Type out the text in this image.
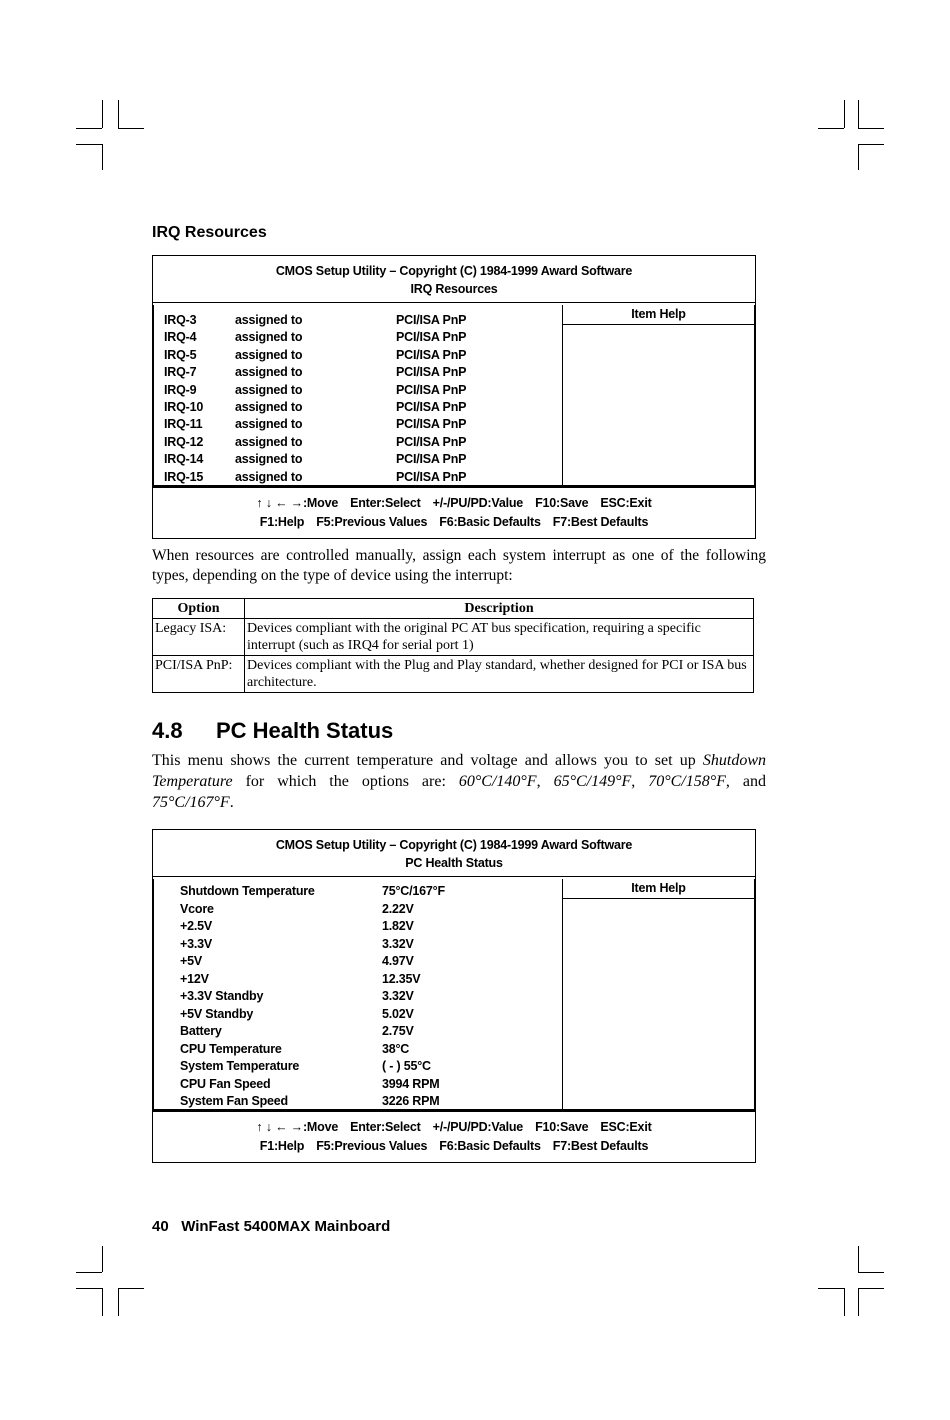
IRQ Resources
CMOS Setup Utility – Copyright (C) 1984-1999 Award Software
IRQ Resources
IRQ-3	assigned to	PCI/ISA PnP
IRQ-4	assigned to	PCI/ISA PnP
IRQ-5	assigned to	PCI/ISA PnP
IRQ-7	assigned to	PCI/ISA PnP
IRQ-9	assigned to	PCI/ISA PnP
IRQ-10	assigned to	PCI/ISA PnP
IRQ-11	assigned to	PCI/ISA PnP
IRQ-12	assigned to	PCI/ISA PnP
IRQ-14	assigned to	PCI/ISA PnP
IRQ-15	assigned to	PCI/ISA PnP
Item Help
↑ ↓ ← →:Move Enter:Select +/-/PU/PD:Value F10:Save ESC:Exit
F1:Help F5:Previous Values F6:Basic Defaults F7:Best Defaults
When resources are controlled manually, assign each system interrupt as one of the following types, depending on the type of device using the interrupt:
Option	Description
Legacy ISA:	Devices compliant with the original PC AT bus specification, requiring a specific interrupt (such as IRQ4 for serial port 1)
PCI/ISA PnP:	Devices compliant with the Plug and Play standard, whether designed for PCI or ISA bus architecture.
4.8 PC Health Status
This menu shows the current temperature and voltage and allows you to set up Shutdown Temperature for which the options are: 60°C/140°F, 65°C/149°F, 70°C/158°F, and 75°C/167°F.
CMOS Setup Utility – Copyright (C) 1984-1999 Award Software
PC Health Status
Shutdown Temperature	75°C/167°F
Vcore	2.22V
+2.5V	1.82V
+3.3V	3.32V
+5V	4.97V
+12V	12.35V
+3.3V Standby	3.32V
+5V Standby	5.02V
Battery	2.75V
CPU Temperature	38°C
System Temperature	( - ) 55°C
CPU Fan Speed	3994 RPM
System Fan Speed	3226 RPM
Item Help
↑ ↓ ← →:Move Enter:Select +/-/PU/PD:Value F10:Save ESC:Exit
F1:Help F5:Previous Values F6:Basic Defaults F7:Best Defaults
40 WinFast 5400MAX Mainboard
